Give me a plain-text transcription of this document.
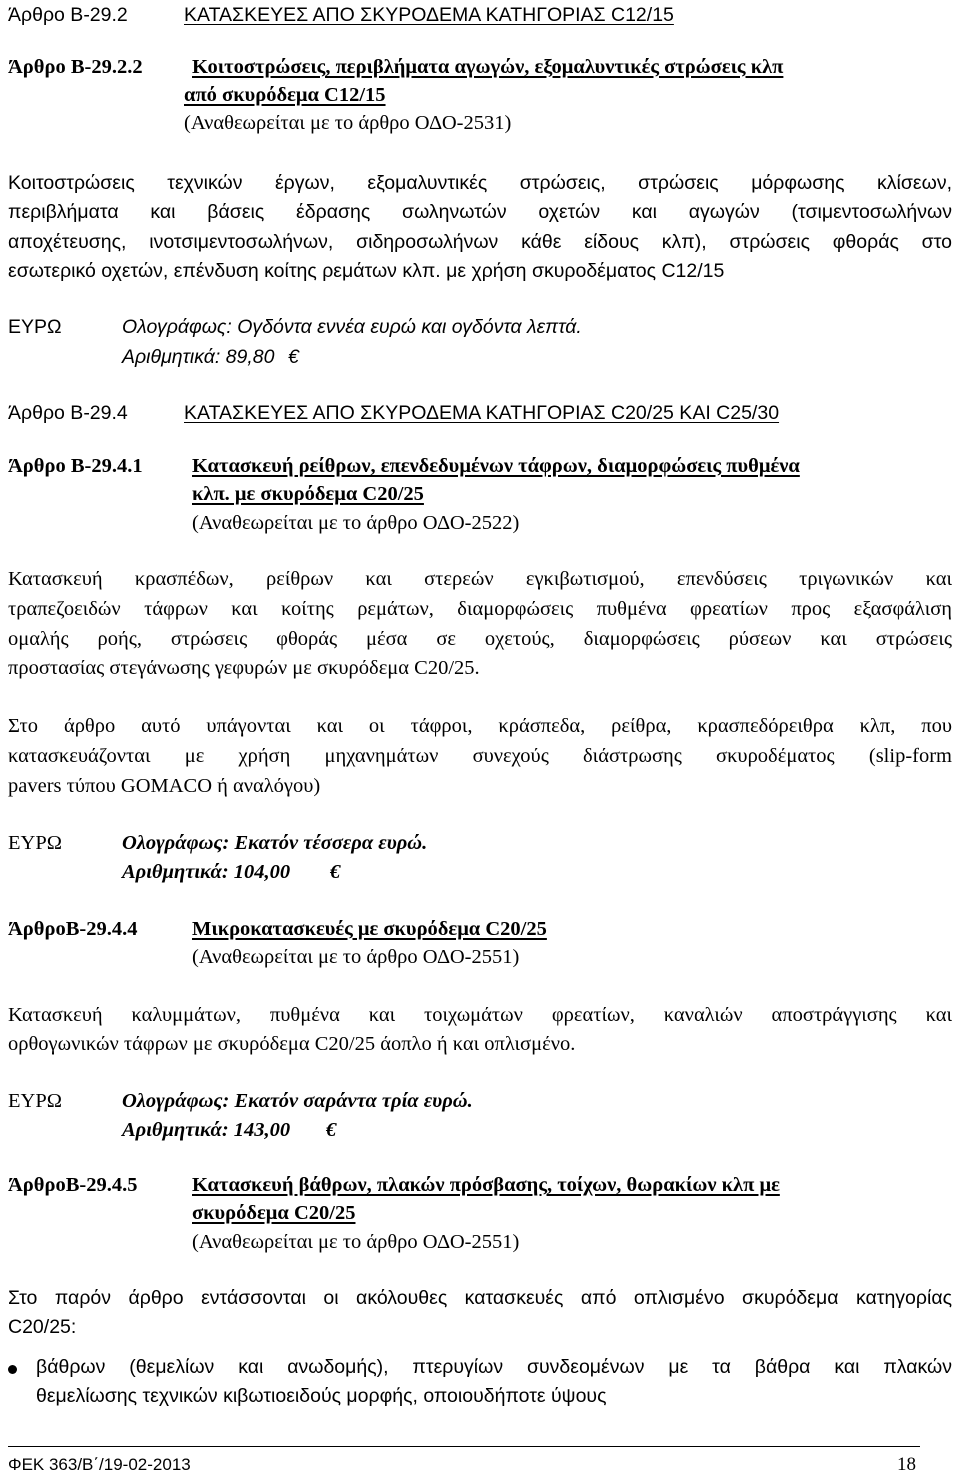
Άρθρο Β-29.2	ΚΑΤΑΣΚΕΥΕΣ ΑΠΟ ΣΚΥΡΟΔΕΜΑ ΚΑΤΗΓΟΡΙΑΣ C12/15
Άρθρο Β-29.2.2 Κοιτοστρώσεις, περιβλήματα αγωγών, εξομαλυντικές στρώσεις κλπ
από σκυρόδεμα C12/15
(Αναθεωρείται με το άρθρο ΟΔΟ-2531)
Κοιτοστρώσεις τεχνικών έργων, εξομαλυντικές στρώσεις, στρώσεις μόρφωσης κλίσεων,
περιβλήματα και βάσεις έδρασης σωληνωτών οχετών και αγωγών (τσιμεντοσωλήνων
αποχέτευσης, ινοτσιμεντοσωλήνων, σιδηροσωλήνων κάθε είδους κλπ), στρώσεις φθοράς στο
εσωτερικό οχετών, επένδυση κοίτης ρεμάτων κλπ. με χρήση σκυροδέματος C12/15
ΕΥΡΩ	Ολογράφως: Ογδόντα εννέα ευρώ και ογδόντα λεπτά.
Αριθμητικά: 89,80 €
Άρθρο Β-29.4	ΚΑΤΑΣΚΕΥΕΣ ΑΠΟ ΣΚΥΡΟΔΕΜΑ ΚΑΤΗΓΟΡΙΑΣ C20/25 ΚΑΙ C25/30
Άρθρο Β-29.4.1 Κατασκευή ρείθρων, επενδεδυμένων τάφρων, διαμορφώσεις πυθμένα
κλπ. με σκυρόδεμα C20/25
(Αναθεωρείται με το άρθρο ΟΔΟ-2522)
Κατασκευή κρασπέδων, ρείθρων και στερεών εγκιβωτισμού, επενδύσεις τριγωνικών και
τραπεζοειδών τάφρων και κοίτης ρεμάτων, διαμορφώσεις πυθμένα φρεατίων προς εξασφάλιση
ομαλής ροής, στρώσεις φθοράς μέσα σε οχετούς, διαμορφώσεις ρύσεων και στρώσεις
προστασίας στεγάνωσης γεφυρών με σκυρόδεμα C20/25.
Στο άρθρο αυτό υπάγονται και οι τάφροι, κράσπεδα, ρείθρα, κρασπεδόρειθρα κλπ, που
κατασκευάζονται με χρήση μηχανημάτων συνεχούς διάστρωσης σκυροδέματος (slip-form
pavers τύπου GOMACO ή αναλόγου)
ΕΥΡΩ	Ολογράφως: Εκατόν τέσσερα ευρώ.
Αριθμητικά: 104,00 €
ΆρθροΒ-29.4.4	Μικροκατασκευές με σκυρόδεμα C20/25
(Αναθεωρείται με το άρθρο ΟΔΟ-2551)
Κατασκευή καλυμμάτων, πυθμένα και τοιχωμάτων φρεατίων, καναλιών αποστράγγισης και
ορθογωνικών τάφρων με σκυρόδεμα C20/25 άοπλο ή και οπλισμένο.
ΕΥΡΩ	Ολογράφως: Εκατόν σαράντα τρία ευρώ.
Αριθμητικά: 143,00 €
ΆρθροΒ-29.4.5	Κατασκευή βάθρων, πλακών πρόσβασης, τοίχων, θωρακίων κλπ με
σκυρόδεμα C20/25
(Αναθεωρείται με το άρθρο ΟΔΟ-2551)
Στο παρόν άρθρο εντάσσονται οι ακόλουθες κατασκευές από οπλισμένο σκυρόδεμα κατηγορίας
C20/25:
βάθρων (θεμελίων και ανωδομής), πτερυγίων συνδεομένων με τα βάθρα και πλακών
θεμελίωσης τεχνικών κιβωτιοειδούς μορφής, οποιουδήποτε ύψους
ΦΕΚ 363/Β΄/19-02-2013	18
